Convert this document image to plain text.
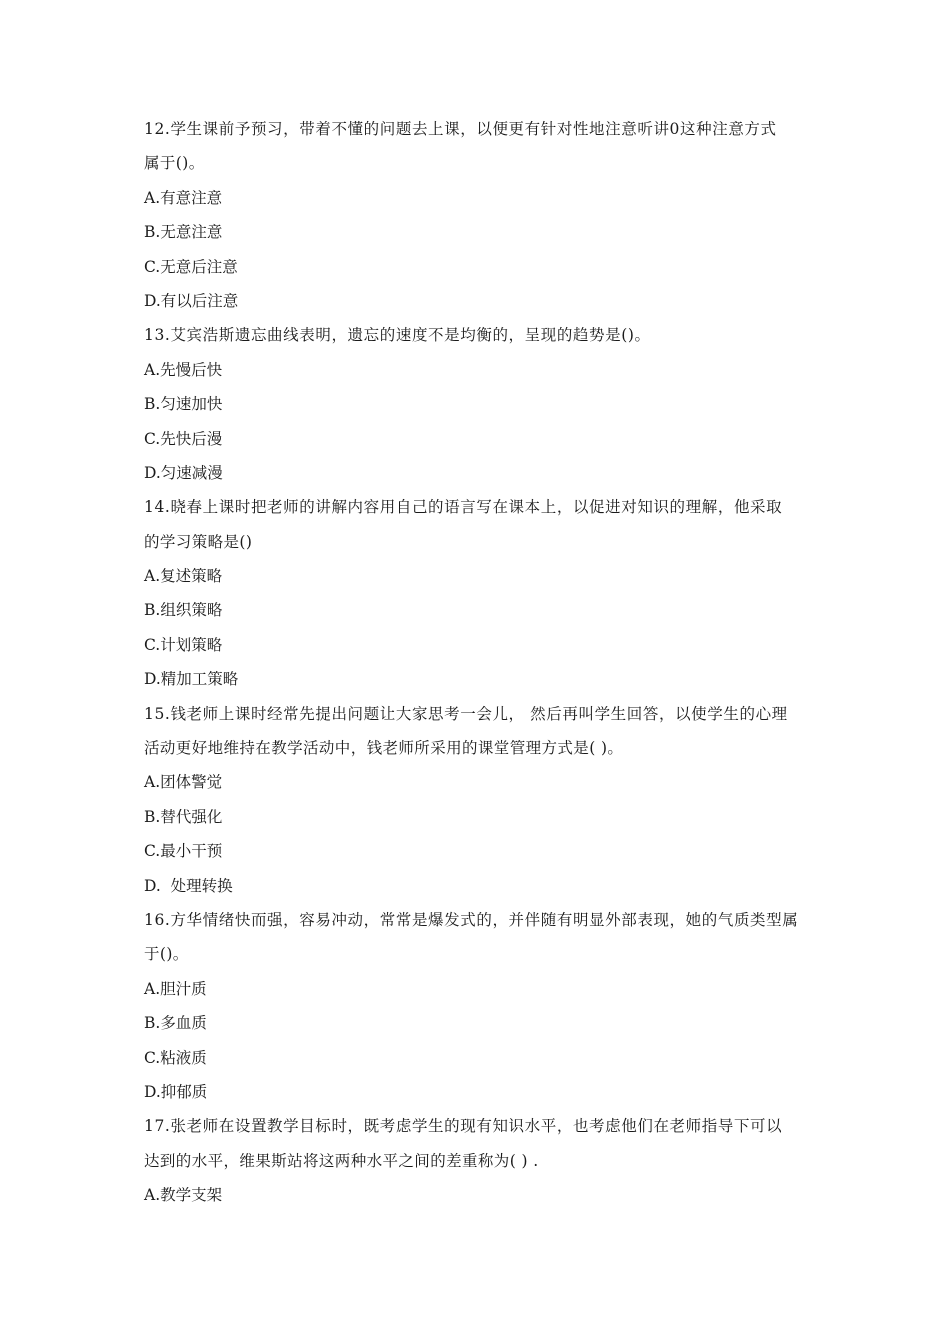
12.学生课前予预习，带着不懂的问题去上课，以便更有针对性地注意听讲0这种注意方式
属于()。
A.有意注意
B.无意注意
C.无意后注意
D.有以后注意
13.艾宾浩斯遗忘曲线表明，遗忘的速度不是均衡的，呈现的趋势是()。
A.先慢后快
B.匀速加快
C.先快后漫
D.匀速减漫
14.晓春上课时把老师的讲解内容用自己的语言写在课本上，以促进对知识的理解，他采取
的学习策略是()
A.复述策略
B.组织策略
C.计划策略
D.精加工策略
15.钱老师上课时经常先提出问题让大家思考一会儿， 然后再叫学生回答，以使学生的心理
活动更好地维持在教学活动中，钱老师所采用的课堂管理方式是( )。
A.团体警觉
B.替代强化
C.最小干预
D.  处理转换
16.方华情绪快而强，容易冲动，常常是爆发式的，并伴随有明显外部表现，她的气质类型属
于()。
A.胆汁质
B.多血质
C.粘液质
D.抑郁质
17.张老师在设置教学目标时，既考虑学生的现有知识水平，也考虑他们在老师指导下可以
达到的水平，维果斯站将这两种水平之间的差重称为( ) .
A.教学支架
